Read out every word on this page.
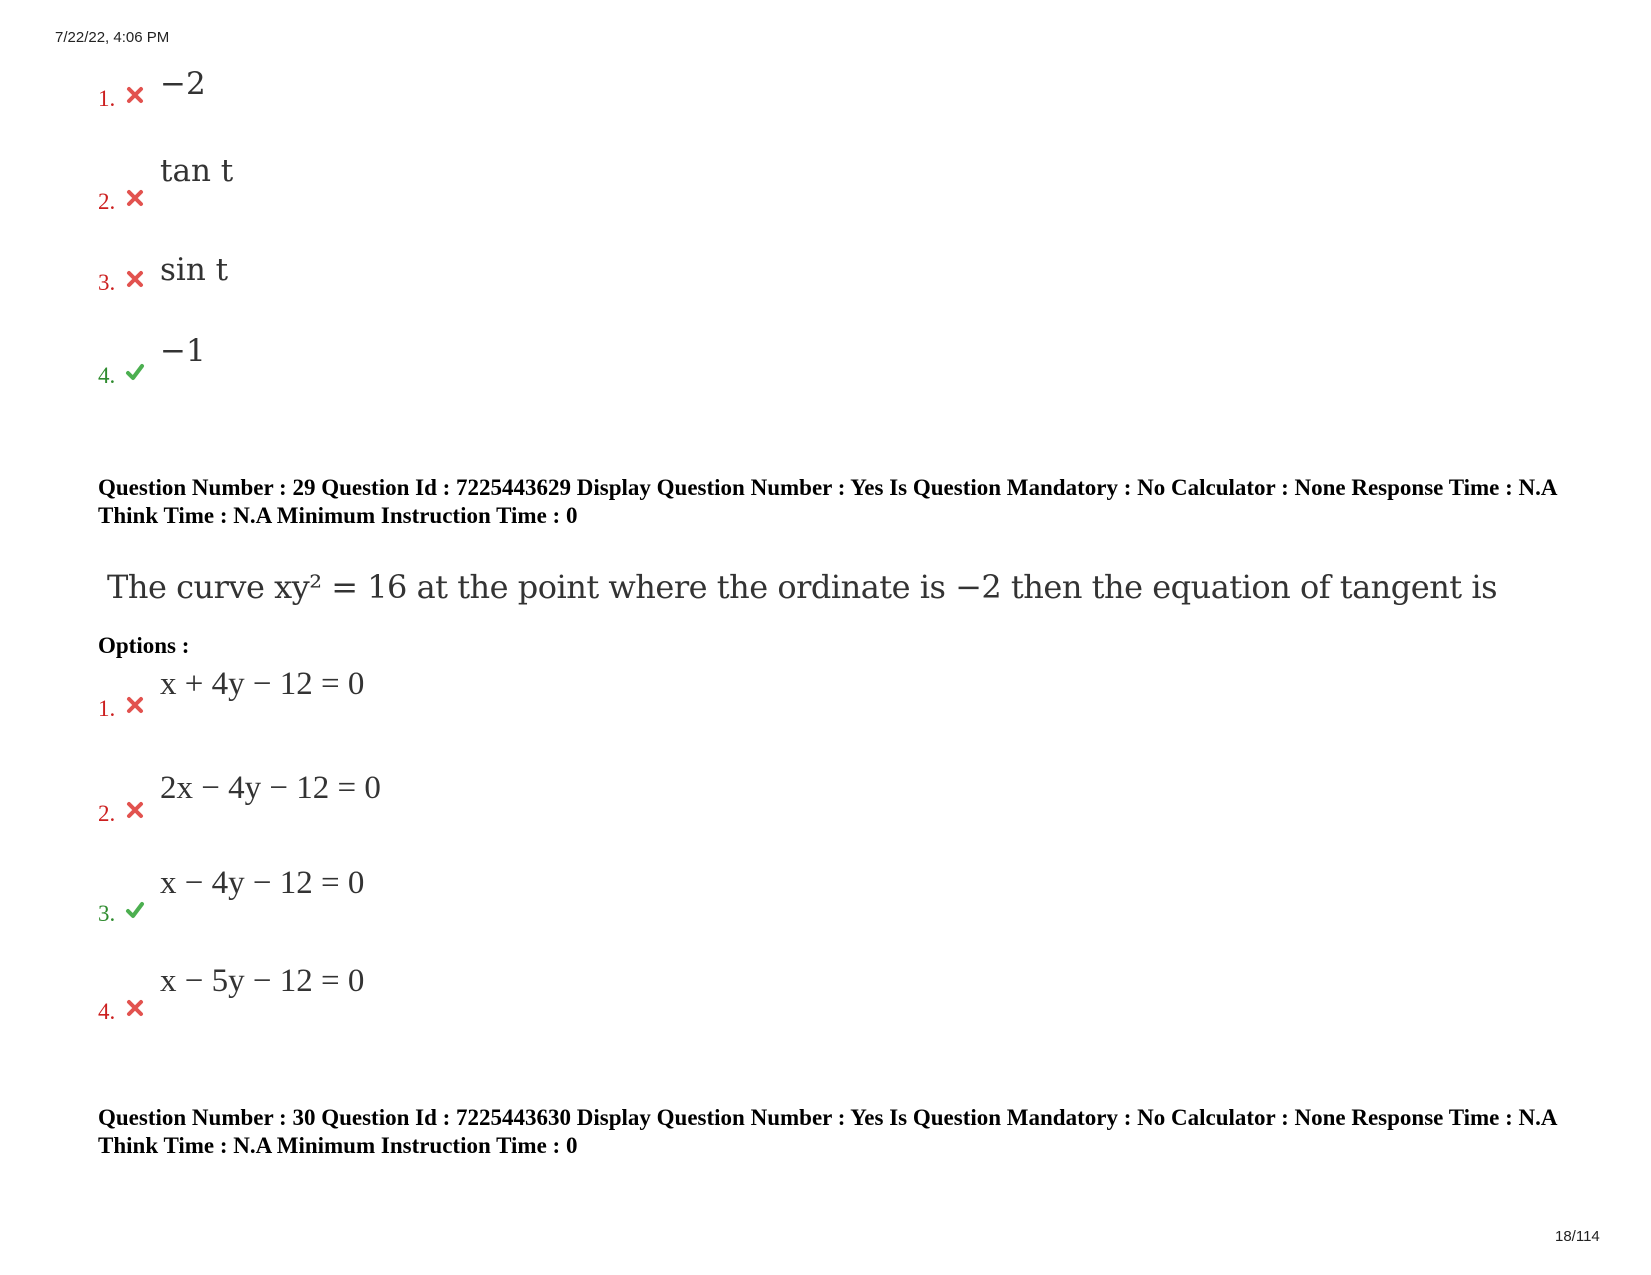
7/22/22, 4:06 PM
1. −2
2.
tan t
3. sin t
4.
−1
Question Number : 29 Question Id : 7225443629 Display Question Number : Yes Is Question Mandatory : No Calculator : None Response Time : N.A Think Time : N.A Minimum Instruction Time : 0
The curve xy² = 16 at the point where the ordinate is −2 then the equation of tangent is
Options :
1.
x + 4y − 12 = 0
2.
2x − 4y − 12 = 0
3.
x − 4y − 12 = 0
4.
x − 5y − 12 = 0
Question Number : 30 Question Id : 7225443630 Display Question Number : Yes Is Question Mandatory : No Calculator : None Response Time : N.A Think Time : N.A Minimum Instruction Time : 0
18/114
